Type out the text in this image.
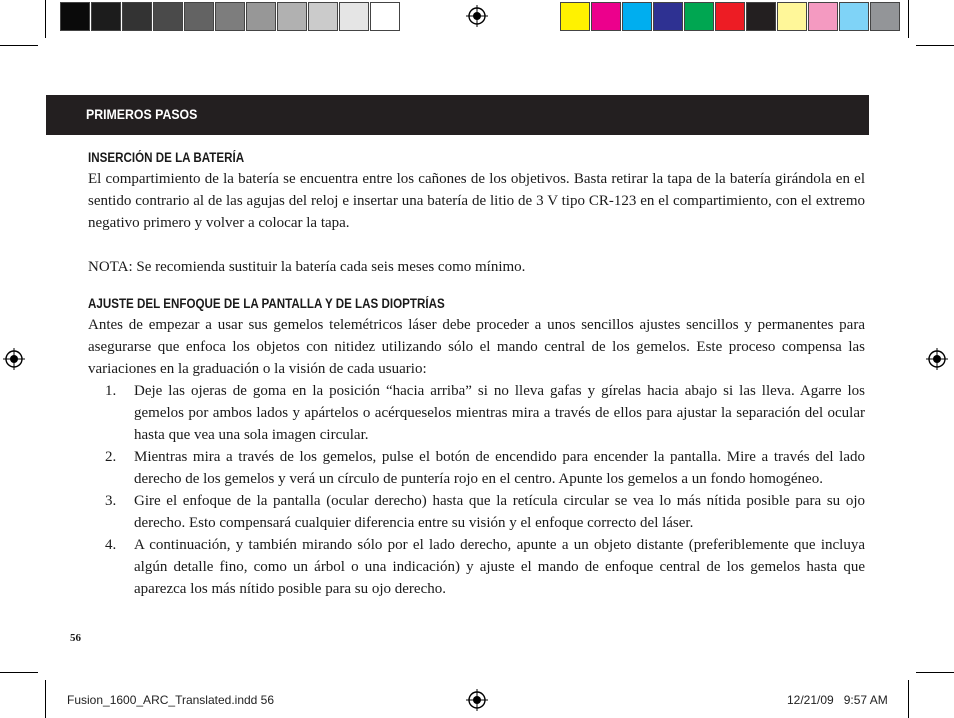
PRIMEROS PASOS

INSERCIÓN DE LA BATERÍA

El compartimiento de la batería se encuentra entre los cañones de los objetivos. Basta retirar la tapa de la batería girándola en el sentido contrario al de las agujas del reloj e insertar una batería de litio de 3 V tipo CR-123 en el compartimiento, con el extremo negativo primero y volver a colocar la tapa.

NOTA: Se recomienda sustituir la batería cada seis meses como mínimo.

AJUSTE DEL ENFOQUE DE LA PANTALLA Y DE LAS DIOPTRÍAS

Antes de empezar a usar sus gemelos telemétricos láser debe proceder a unos sencillos ajustes sencillos y permanentes para asegurarse que enfoca los objetos con nitidez utilizando sólo el mando central de los gemelos. Este proceso compensa las variaciones en la graduación o la visión de cada usuario:

1. Deje las ojeras de goma en la posición “hacia arriba” si no lleva gafas y gírelas hacia abajo si las lleva. Agarre los gemelos por ambos lados y apártelos o acérqueselos mientras mira a través de ellos para ajustar la separación del ocular hasta que vea una sola imagen circular.
2. Mientras mira a través de los gemelos, pulse el botón de encendido para encender la pantalla. Mire a través del lado derecho de los gemelos y verá un círculo de puntería rojo en el centro. Apunte los gemelos a un fondo homogéneo.
3. Gire el enfoque de la pantalla (ocular derecho) hasta que la retícula circular se vea lo más nítida posible para su ojo derecho. Esto compensará cualquier diferencia entre su visión y el enfoque correcto del láser.
4. A continuación, y también mirando sólo por el lado derecho, apunte a un objeto distante (preferiblemente que incluya algún detalle fino, como un árbol o una indicación) y ajuste el mando de enfoque central de los gemelos hasta que aparezca los más nítido posible para su ojo derecho.
56
Fusion_1600_ARC_Translated.indd 56	12/21/09   9:57 AM
